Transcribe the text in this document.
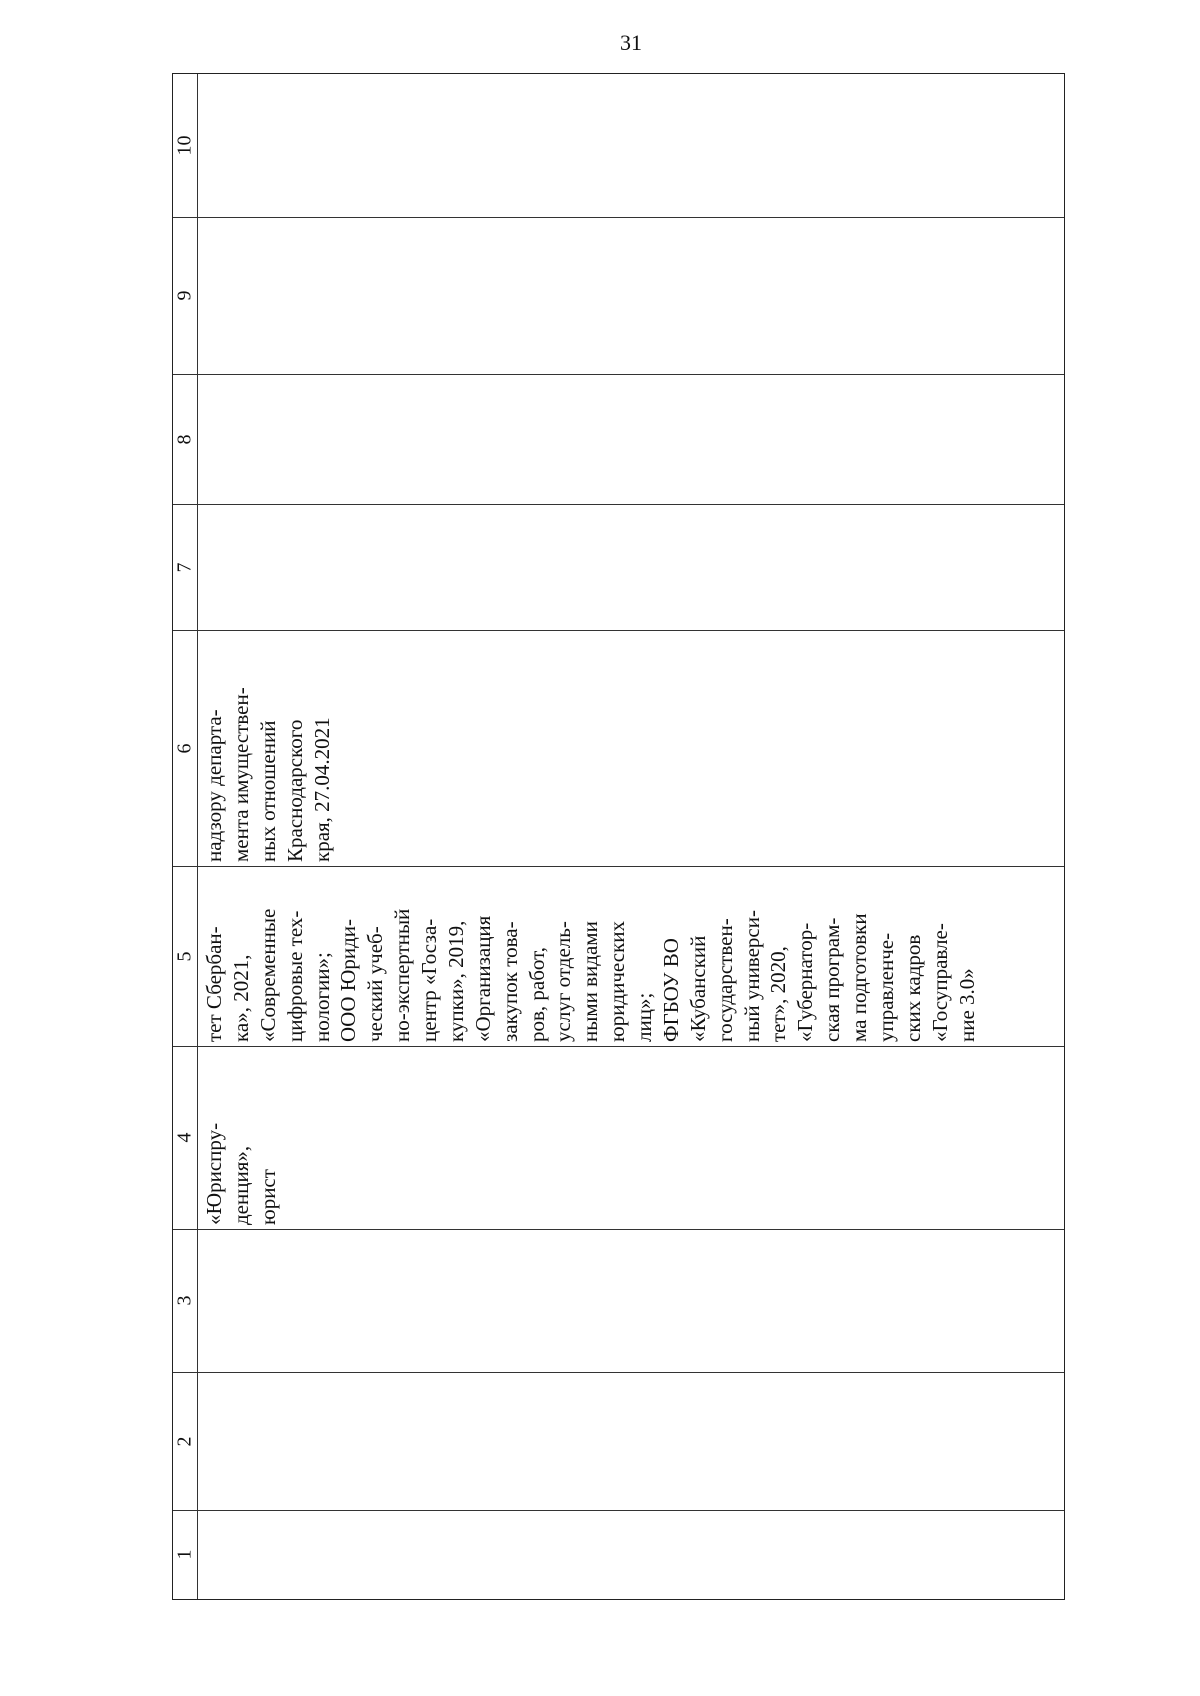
31
10
9
8
7
6
5
4
3
2
1
надзору департа-
мента имуществен-
ных отношений
Краснодарского
края, 27.04.2021
тет Сбербан-
ка», 2021,
«Современные
цифровые тех-
нологии»;
ООО Юриди-
ческий учеб-
но-экспертный
центр «Госза-
купки», 2019,
«Организация
закупок това-
ров, работ,
услуг отдель-
ными видами
юридических
лиц»;
ФГБОУ ВО
«Кубанский
государствен-
ный универси-
тет», 2020,
«Губернатор-
ская програм-
ма подготовки
управленче-
ских кадров
«Госуправле-
ние 3.0»
«Юриспру-
денция»,
юрист
